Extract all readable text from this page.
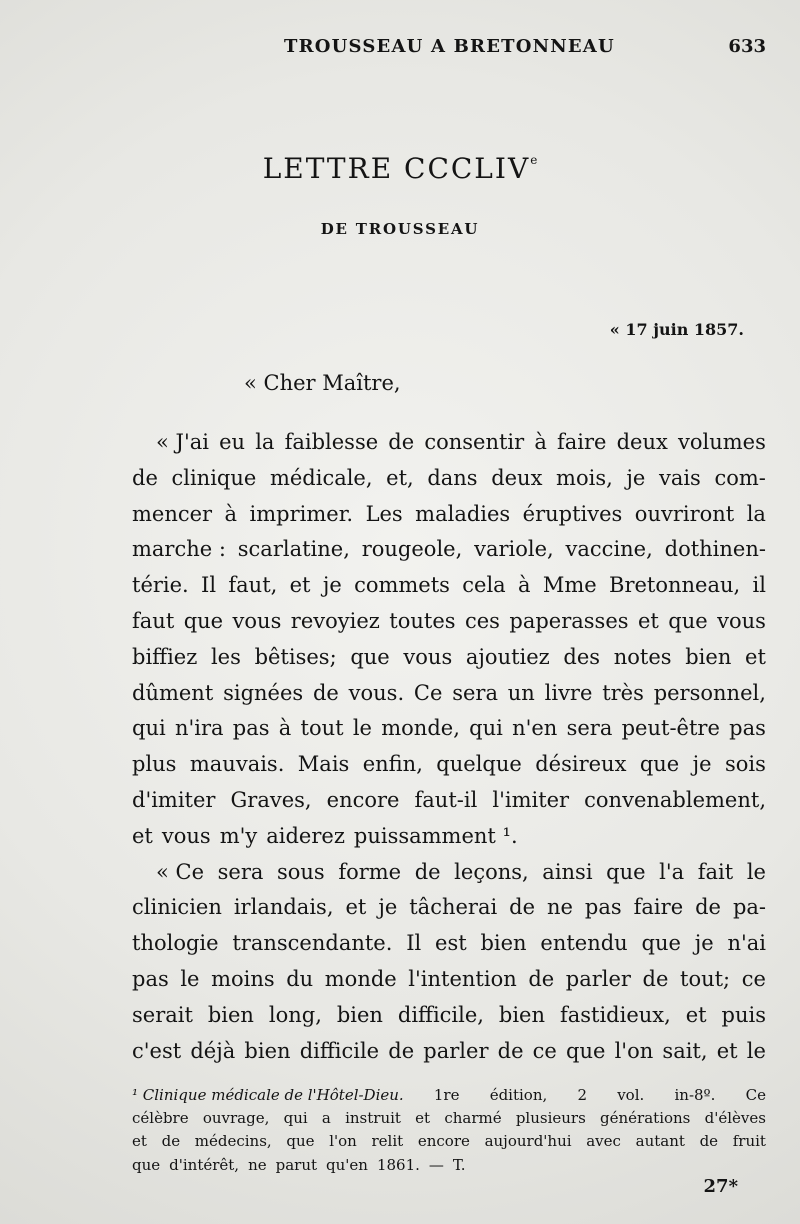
TROUSSEAU A BRETONNEAU	633
LETTRE CCCLIVe
DE TROUSSEAU
« 17 juin 1857.
« Cher Maître,
« J'ai eu la faiblesse de consentir à faire deux volumes
de clinique médicale, et, dans deux mois, je vais com-
mencer à imprimer. Les maladies éruptives ouvriront la
marche : scarlatine, rougeole, variole, vaccine, dothinen-
térie. Il faut, et je commets cela à Mme Bretonneau, il
faut que vous revoyiez toutes ces paperasses et que vous
biffiez les bêtises; que vous ajoutiez des notes bien et
dûment signées de vous. Ce sera un livre très personnel,
qui n'ira pas à tout le monde, qui n'en sera peut-être pas
plus mauvais. Mais enfin, quelque désireux que je sois
d'imiter Graves, encore faut-il l'imiter convenablement,
et vous m'y aiderez puissamment ¹.
« Ce sera sous forme de leçons, ainsi que l'a fait le
clinicien irlandais, et je tâcherai de ne pas faire de pa-
thologie transcendante. Il est bien entendu que je n'ai
pas le moins du monde l'intention de parler de tout; ce
serait bien long, bien difficile, bien fastidieux, et puis
c'est déjà bien difficile de parler de ce que l'on sait, et le
¹ Clinique médicale de l'Hôtel-Dieu. 1re édition, 2 vol. in-8º. Ce
célèbre ouvrage, qui a instruit et charmé plusieurs générations d'élèves
et de médecins, que l'on relit encore aujourd'hui avec autant de fruit
que d'intérêt, ne parut qu'en 1861. — T.
27*
